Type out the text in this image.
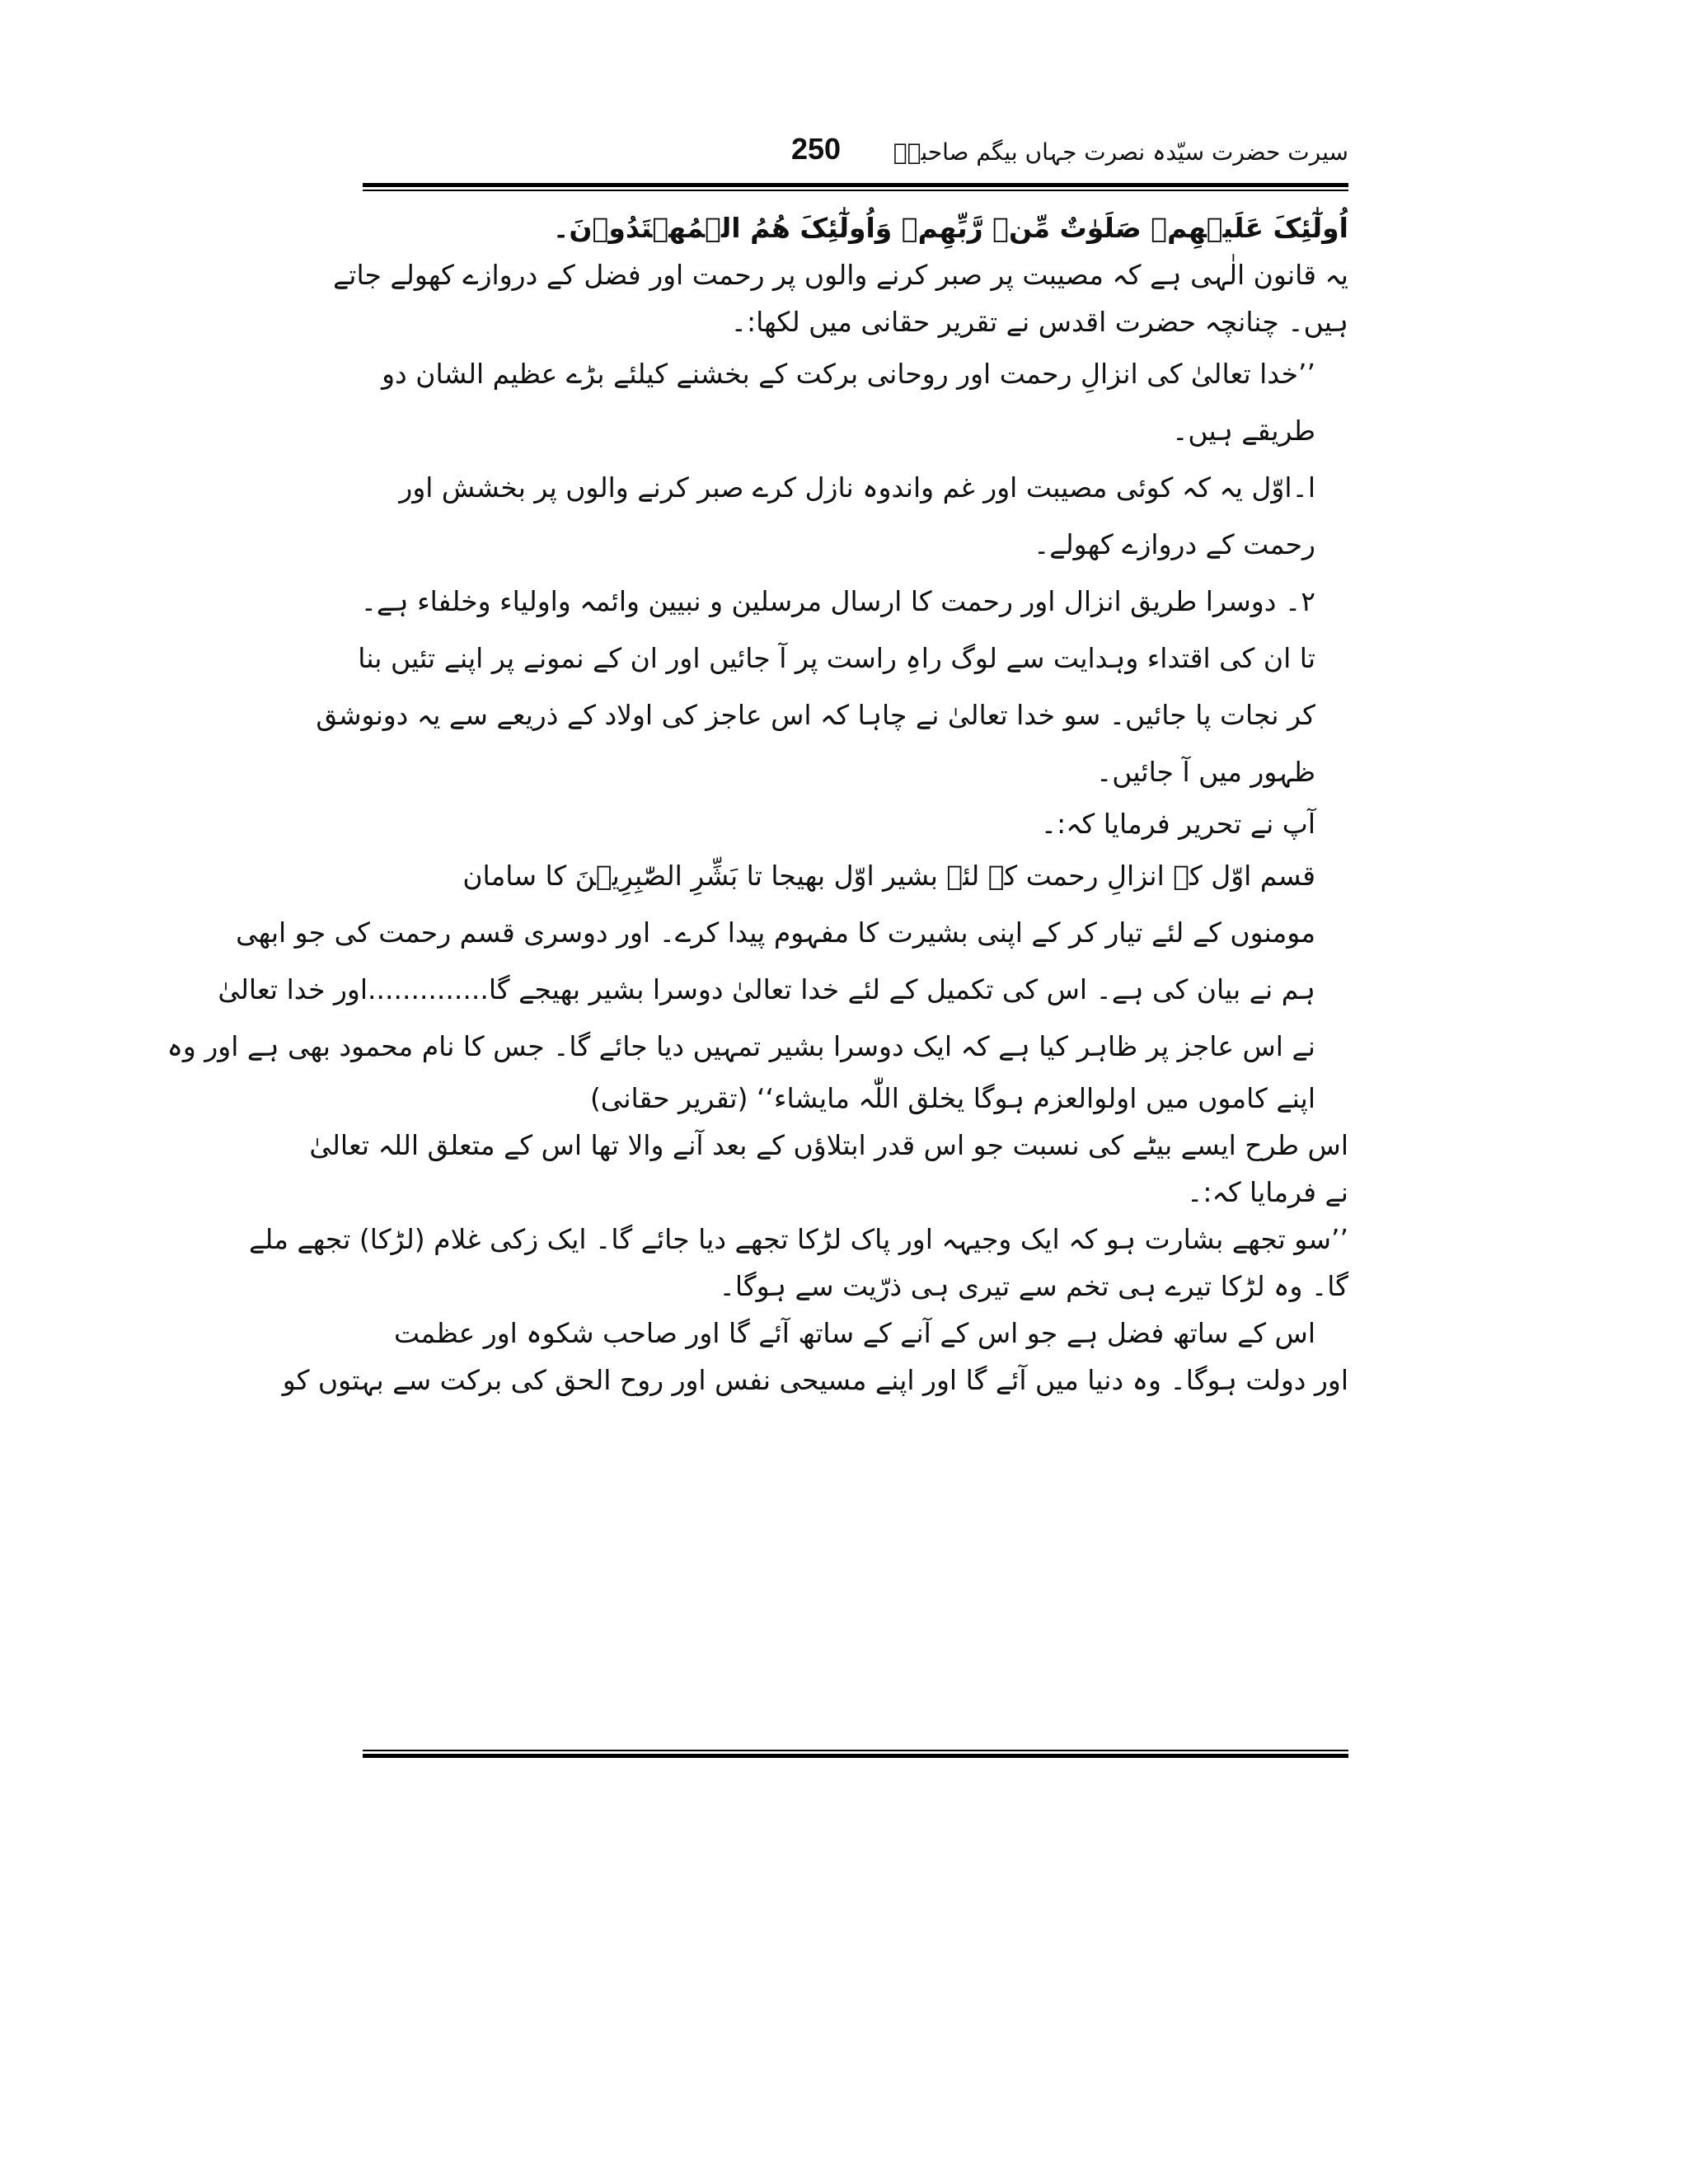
250 سیرت حضرت سیّدہ نصرت جہاں بیگم صاحبہؓ

اُولٰٓئِکَ عَلَیۡھِمۡ صَلَوٰتٌ مِّنۡ رَّبِّھِمۡ وَاُولٰٓئِکَ ھُمُ الۡمُھۡتَدُوۡنَ۔

یہ قانون الٰہی ہے کہ مصیبت پر صبر کرنے والوں پر رحمت اور فضل کے دروازے کھولے جاتے

ہیں۔ چنانچہ حضرت اقدس نے تقریر حقانی میں لکھا:۔

’’خدا تعالیٰ کی انزالِ رحمت اور روحانی برکت کے بخشنے کیلئے بڑے عظیم الشان دو

طریقے ہیں۔

ا۔اوّل یہ کہ کوئی مصیبت اور غم واندوہ نازل کرے صبر کرنے والوں پر بخشش اور

رحمت کے دروازے کھولے۔

۲۔ دوسرا طریق انزال اور رحمت کا ارسال مرسلین و نبیین وائمہ واولیاء وخلفاء ہے۔

تا ان کی اقتداء وہدایت سے لوگ راہِ راست پر آ جائیں اور ان کے نمونے پر اپنے تئیں بنا

کر نجات پا جائیں۔ سو خدا تعالیٰ نے چاہا کہ اس عاجز کی اولاد کے ذریعے سے یہ دونوشق

ظہور میں آ جائیں۔

آپ نے تحریر فرمایا کہ:۔

قسم اوّل کے انزالِ رحمت کے لئے بشیر اوّل بھیجا تا بَشِّرِ الصّٰبِرِیۡنَ کا سامان

مومنوں کے لئے تیار کر کے اپنی بشیرت کا مفہوم پیدا کرے۔ اور دوسری قسم رحمت کی جو ابھی

ہم نے بیان کی ہے۔ اس کی تکمیل کے لئے خدا تعالیٰ دوسرا بشیر بھیجے گا..............اور خدا تعالیٰ

نے اس عاجز پر ظاہر کیا ہے کہ ایک دوسرا بشیر تمہیں دیا جائے گا۔ جس کا نام محمود بھی ہے اور وہ

اپنے کاموں میں اولوالعزم ہوگا یخلق اللّٰہ مایشاء‘‘ (تقریر حقانی)

اس طرح ایسے بیٹے کی نسبت جو اس قدر ابتلاؤں کے بعد آنے والا تھا اس کے متعلق اللہ تعالیٰ

نے فرمایا کہ:۔

’’سو تجھے بشارت ہو کہ ایک وجیہہ اور پاک لڑکا تجھے دیا جائے گا۔ ایک زکی غلام (لڑکا) تجھے ملے

گا۔ وہ لڑکا تیرے ہی تخم سے تیری ہی ذرّیت سے ہوگا۔

اس کے ساتھ فضل ہے جو اس کے آنے کے ساتھ آئے گا اور صاحب شکوہ اور عظمت

اور دولت ہوگا۔ وہ دنیا میں آئے گا اور اپنے مسیحی نفس اور روح الحق کی برکت سے بہتوں کو
